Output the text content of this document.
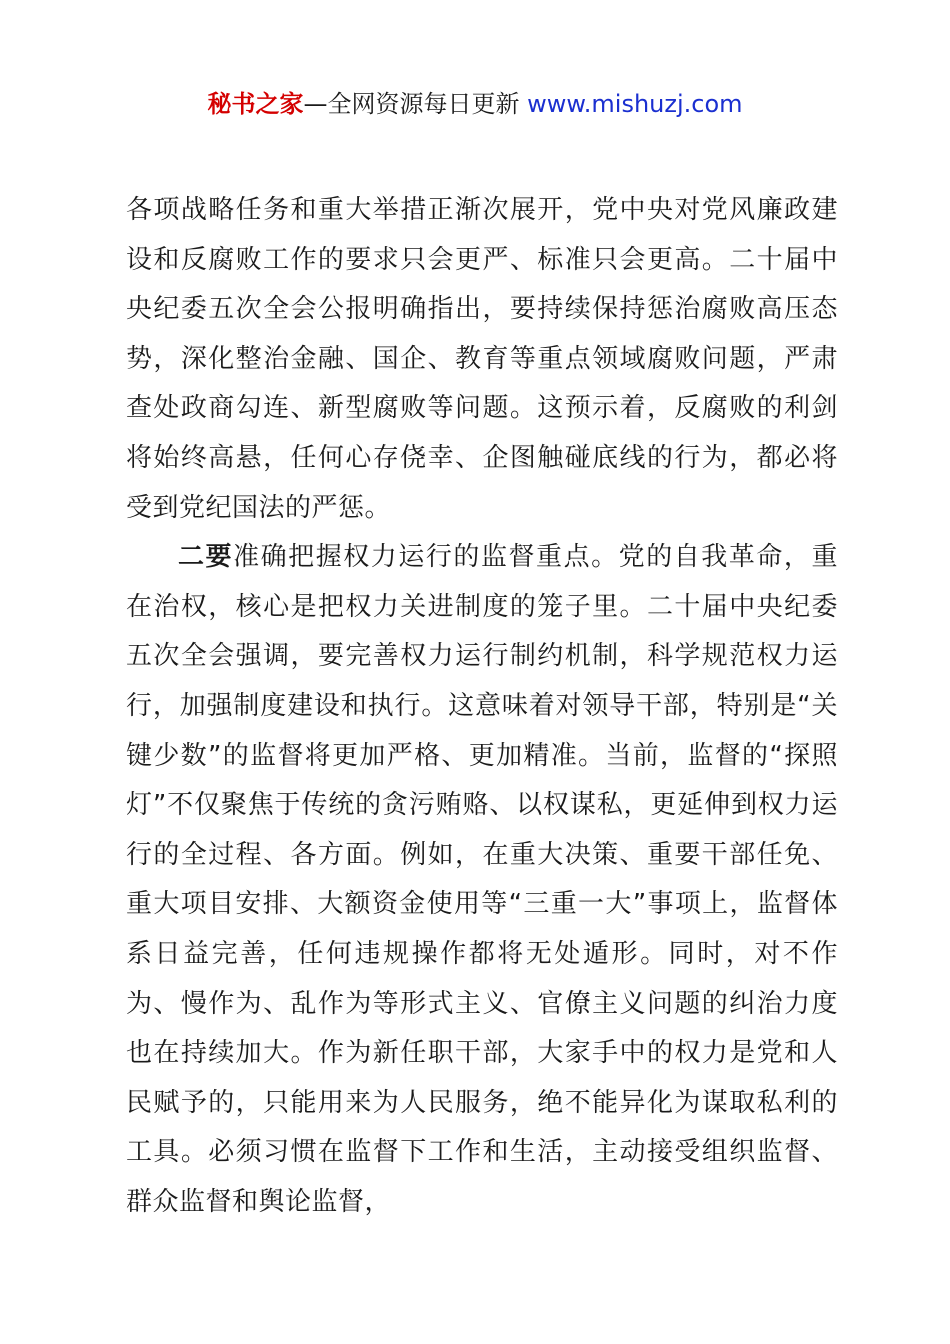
秘书之家—全网资源每日更新 www.mishuzj.com

各项战略任务和重大举措正渐次展开，党中央对党风廉政建设和反腐败工作的要求只会更严、标准只会更高。二十届中央纪委五次全会公报明确指出，要持续保持惩治腐败高压态势，深化整治金融、国企、教育等重点领域腐败问题，严肃查处政商勾连、新型腐败等问题。这预示着，反腐败的利剑将始终高悬，任何心存侥幸、企图触碰底线的行为，都必将受到党纪国法的严惩。

二要准确把握权力运行的监督重点。党的自我革命，重在治权，核心是把权力关进制度的笼子里。二十届中央纪委五次全会强调，要完善权力运行制约机制，科学规范权力运行，加强制度建设和执行。这意味着对领导干部，特别是“关键少数”的监督将更加严格、更加精准。当前，监督的“探照灯”不仅聚焦于传统的贪污贿赂、以权谋私，更延伸到权力运行的全过程、各方面。例如，在重大决策、重要干部任免、重大项目安排、大额资金使用等“三重一大”事项上，监督体系日益完善，任何违规操作都将无处遁形。同时，对不作为、慢作为、乱作为等形式主义、官僚主义问题的纠治力度也在持续加大。作为新任职干部，大家手中的权力是党和人民赋予的，只能用来为人民服务，绝不能异化为谋取私利的工具。必须习惯在监督下工作和生活，主动接受组织监督、群众监督和舆论监督，
